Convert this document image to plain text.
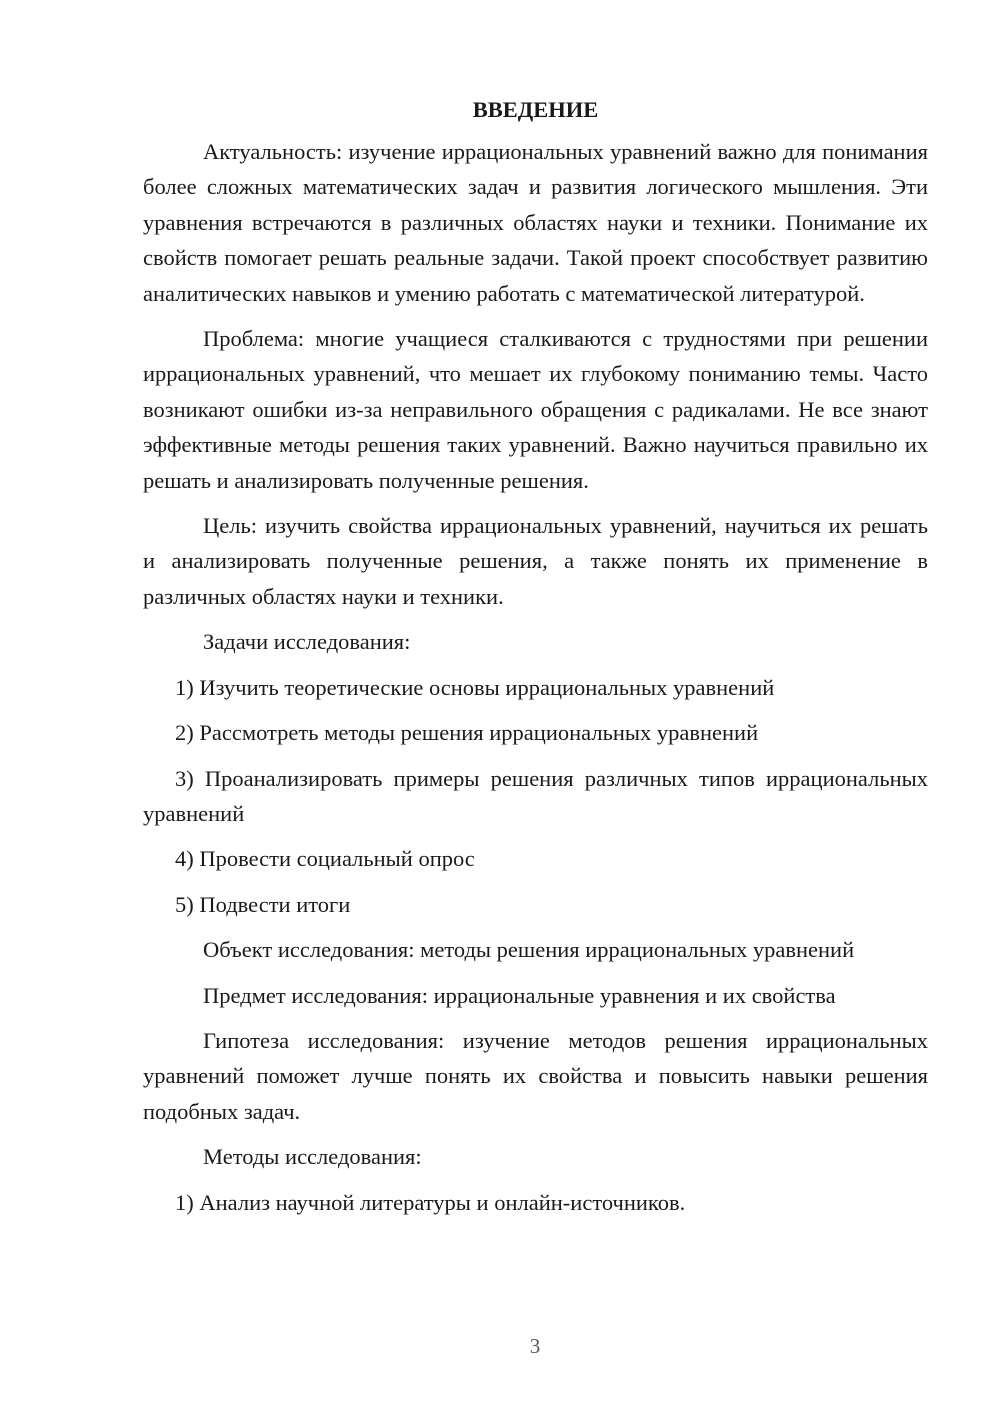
ВВЕДЕНИЕ

Актуальность: изучение иррациональных уравнений важно для понимания более сложных математических задач и развития логического мышления. Эти уравнения встречаются в различных областях науки и техники. Понимание их свойств помогает решать реальные задачи. Такой проект способствует развитию аналитических навыков и умению работать с математической литературой.

Проблема: многие учащиеся сталкиваются с трудностями при решении иррациональных уравнений, что мешает их глубокому пониманию темы. Часто возникают ошибки из-за неправильного обращения с радикалами. Не все знают эффективные методы решения таких уравнений. Важно научиться правильно их решать и анализировать полученные решения.

Цель: изучить свойства иррациональных уравнений, научиться их решать и анализировать полученные решения, а также понять их применение в различных областях науки и техники.

Задачи исследования:

1) Изучить теоретические основы иррациональных уравнений

2) Рассмотреть методы решения иррациональных уравнений

3) Проанализировать примеры решения различных типов иррациональных уравнений

4) Провести социальный опрос

5) Подвести итоги

Объект исследования: методы решения иррациональных уравнений

Предмет исследования: иррациональные уравнения и их свойства

Гипотеза исследования: изучение методов решения иррациональных уравнений поможет лучше понять их свойства и повысить навыки решения подобных задач.

Методы исследования:

1) Анализ научной литературы и онлайн-источников.

3
